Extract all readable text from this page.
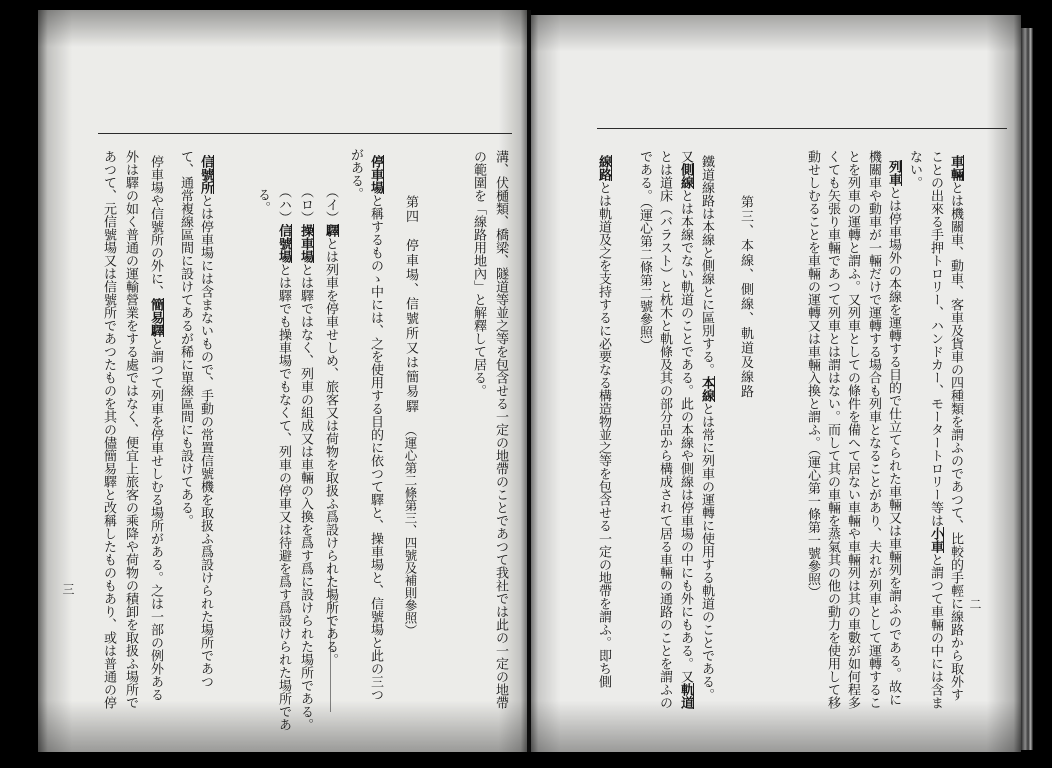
溝、伏樋類、橋梁、隧道等並之等を包含せる一定の地帶のことであつて我社では此の一定の地帶
の範圍を「線路用地內」と解釋して居る。
第四　停車場、信號所又は簡易驛（運心第二條第三、四號及補則參照）
停車場と稱するものゝ中には、之を使用する目的に依つて驛と、操車場と、信號場と此の三つ
がある。
（イ）驛とは列車を停車せしめ、旅客又は荷物を取扱ふ爲設けられた場所である。
（ロ）操車場とは驛ではなく、列車の組成又は車輛の入換を爲す爲に設けられた場所である。
（ハ）信號場とは驛でも操車場でもなくて、列車の停車又は待避を爲す爲設けられた場所であ
る。
信號所とは停車場には含まないもので、手動の常置信號機を取扱ふ爲設けられた場所であつ
て、通常複線區間に設けてあるが稀に單線區間にも設けてある。
停車場や信號所の外に、簡易驛と謂つて列車を停車せしむる場所がある。之は一部の例外ある
外は驛の如く普通の運輸營業をする處ではなく、便宜上旅客の乘降や荷物の積卸を取扱ふ場所で
あつて、元信號場又は信號所であつたものを其の儘簡易驛と改稱したものもあり、或は普通の停
三
車輛とは機關車、動車、客車及貨車の四種類を謂ふのであつて、比較的手輕に線路から取外す
ことの出來る手押トロリー、ハンドカー、モータートロリー等は小車と謂つて車輛の中には含ま
ない。
列車とは停車場外の本線を運轉する目的で仕立てられた車輛又は車輛列を謂ふのである。故に
機關車や動車が一輛だけで運轉する場合も列車となることがあり、夫れが列車として運轉するこ
とを列車の運轉と謂ふ。又列車としての條件を備へて居ない車輛や車輛列は其の車數が如何程多
くても矢張り車輛であつて列車とは謂はない。而して其の車輛を蒸氣其の他の動力を使用して移
動せしむることを車輛の運轉又は車輛入換と謂ふ。（運心第一條第一號參照）
第三、本線、側線、軌道及線路
鐵道線路は本線と側線とに區別する。本線とは常に列車の運轉に使用する軌道のことである。
又側線とは本線でない軌道のことである。此の本線や側線は停車場の中にも外にもある。又軌道
とは道床（バラスト）と枕木と軌條及其の部分品から構成されて居る車輛の通路のことを謂ふの
である。（運心第二條第二號參照）
線路とは軌道及之を支持するに必要なる構造物並之等を包含せる一定の地帶を謂ふ。即ち側	二
